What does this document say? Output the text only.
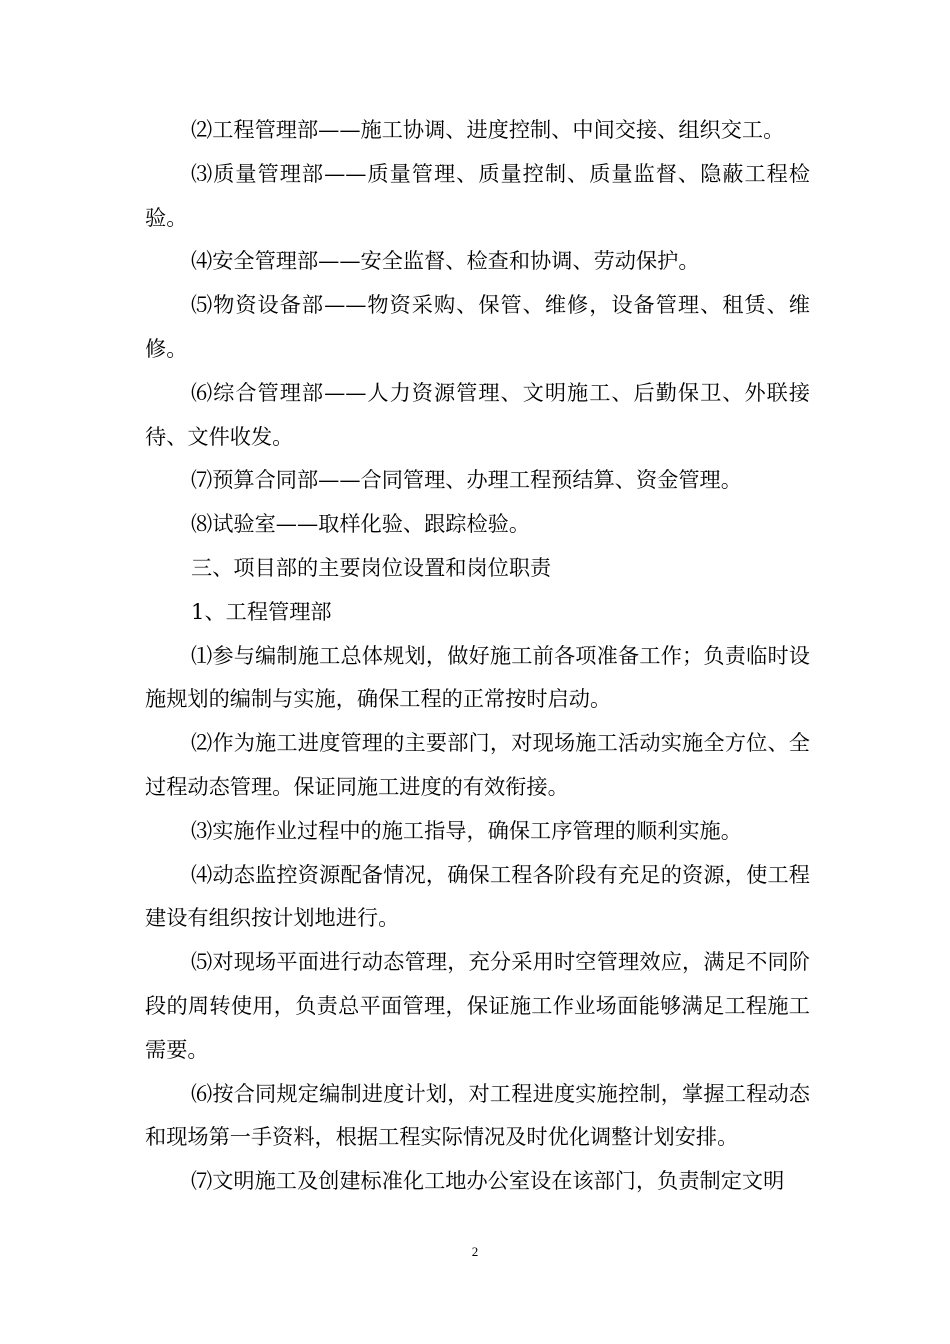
⑵工程管理部——施工协调、进度控制、中间交接、组织交工。

⑶质量管理部——质量管理、质量控制、质量监督、隐蔽工程检验。

⑷安全管理部——安全监督、检查和协调、劳动保护。

⑸物资设备部——物资采购、保管、维修，设备管理、租赁、维修。

⑹综合管理部——人力资源管理、文明施工、后勤保卫、外联接待、文件收发。

⑺预算合同部——合同管理、办理工程预结算、资金管理。

⑻试验室——取样化验、跟踪检验。

三、项目部的主要岗位设置和岗位职责

1、工程管理部

⑴参与编制施工总体规划，做好施工前各项准备工作；负责临时设施规划的编制与实施，确保工程的正常按时启动。

⑵作为施工进度管理的主要部门，对现场施工活动实施全方位、全过程动态管理。保证同施工进度的有效衔接。

⑶实施作业过程中的施工指导，确保工序管理的顺利实施。

⑷动态监控资源配备情况，确保工程各阶段有充足的资源，使工程建设有组织按计划地进行。

⑸对现场平面进行动态管理，充分采用时空管理效应，满足不同阶段的周转使用，负责总平面管理，保证施工作业场面能够满足工程施工需要。

⑹按合同规定编制进度计划，对工程进度实施控制，掌握工程动态和现场第一手资料，根据工程实际情况及时优化调整计划安排。

⑺文明施工及创建标准化工地办公室设在该部门，负责制定文明

2
